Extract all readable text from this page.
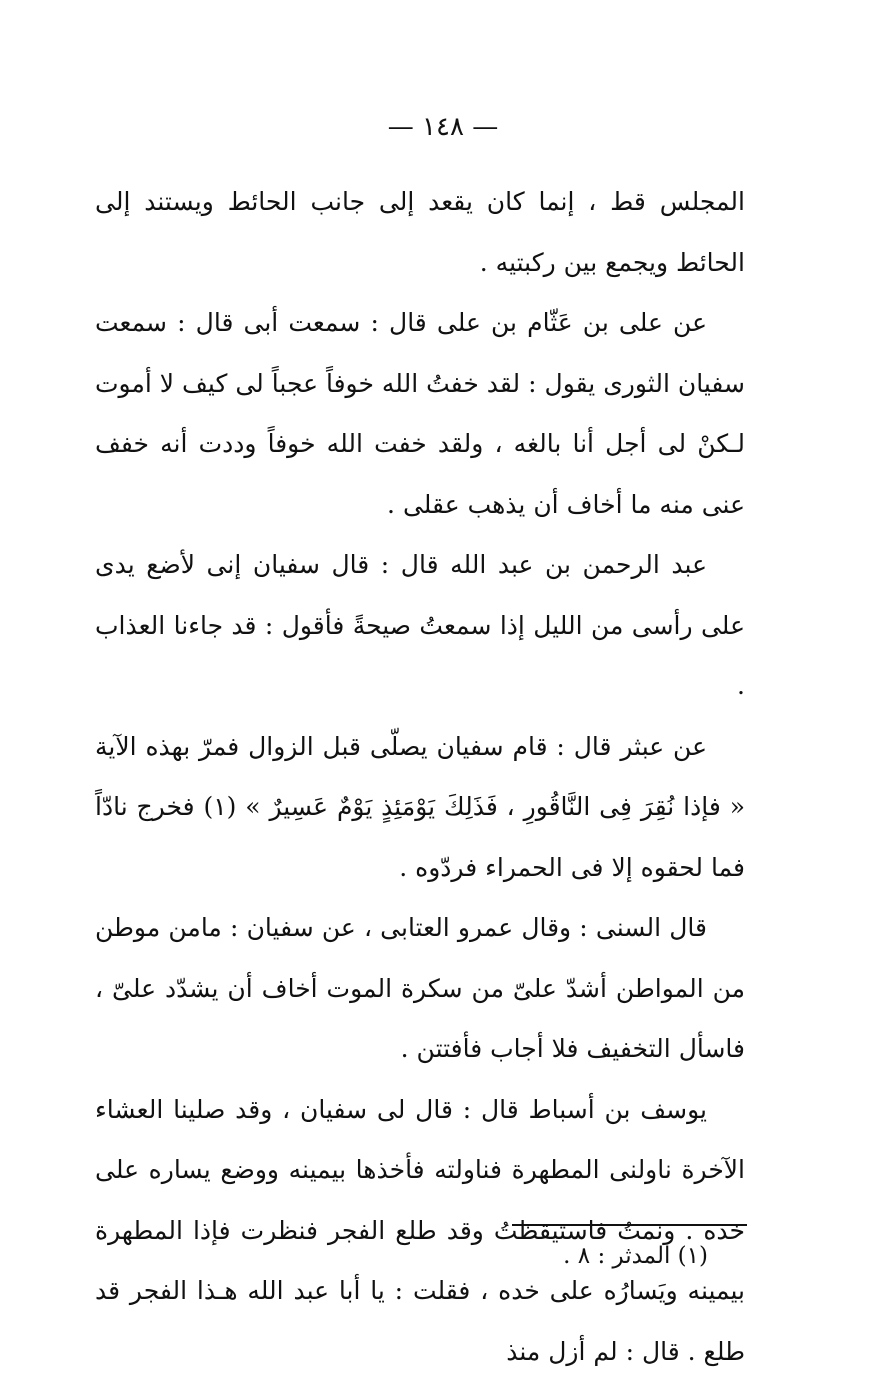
— ١٤٨ —

المجلس قط ، إنما كان يقعد إلى جانب الحائط ويستند إلى الحائط ويجمع بين ركبتيه .

عن على بن عَثّام بن على قال : سمعت أبى قال : سمعت سفيان الثورى يقول : لقد خفتُ الله خوفاً عجباً لى كيف لا أموت لـكنْ لى أجل أنا بالغه ، ولقد خفت الله خوفاً وددت أنه خفف عنى منه ما أخاف أن يذهب عقلى .

عبد الرحمن بن عبد الله قال : قال سفيان إنى لأضع يدى على رأسى من الليل إذا سمعتُ صيحةً فأقول : قد جاءنا العذاب .

عن عبثر قال : قام سفيان يصلّى قبل الزوال فمرّ بهذه الآية « فإذا نُقِرَ فِى النَّاقُورِ ، فَذَلِكَ يَوْمَئِذٍ يَوْمٌ عَسِيرٌ » (١) فخرج نادّاً فما لحقوه إلا فى الحمراء فردّوه .

قال السنى : وقال عمرو العتابى ، عن سفيان : مامن موطن من المواطن أشدّ علىّ من سكرة الموت أخاف أن يشدّد علىّ ، فاسأل التخفيف فلا أجاب فأفتتن .

يوسف بن أسباط قال : قال لى سفيان ، وقد صلينا العشاء الآخرة ناولنى المطهرة فناولته فأخذها بيمينه ووضع يساره على خده . ونمتُ فاستيقظتُ وقد طلع الفجر فنظرت فإذا المطهرة بيمينه ويَسارُه على خده ، فقلت : يا أبا عبد الله هـذا الفجر قد طلع . قال : لم أزل منذ

(١) المدثر : ٨ .
